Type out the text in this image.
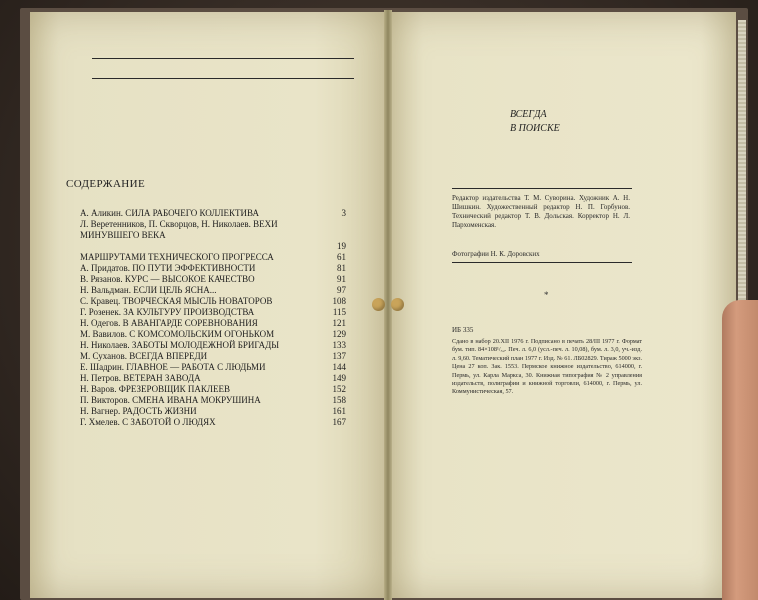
СОДЕРЖАНИЕ
А. Аликин. СИЛА РАБОЧЕГО КОЛЛЕКТИВА	3
Л. Веретенников, П. Скворцов, Н. Николаев. ВЕХИ МИНУВШЕГО ВЕКА
19
МАРШРУТАМИ ТЕХНИЧЕСКОГО ПРОГРЕССА	61
А. Придатов. ПО ПУТИ ЭФФЕКТИВНОСТИ	81
В. Рязанов. КУРС — ВЫСОКОЕ КАЧЕСТВО	91
Н. Вальдман. ЕСЛИ ЦЕЛЬ ЯСНА...	97
С. Кравец. ТВОРЧЕСКАЯ МЫСЛЬ НОВАТОРОВ	108
Г. Розенек. ЗА КУЛЬТУРУ ПРОИЗВОДСТВА	115
Н. Одегов. В АВАНГАРДЕ СОРЕВНОВАНИЯ	121
М. Вавилов. С КОМСОМОЛЬСКИМ ОГОНЬКОМ	129
Н. Николаев. ЗАБОТЫ МОЛОДЕЖНОЙ БРИГАДЫ	133
М. Суханов. ВСЕГДА ВПЕРЕДИ	137
Е. Шадрин. ГЛАВНОЕ — РАБОТА С ЛЮДЬМИ	144
Н. Петров. ВЕТЕРАН ЗАВОДА	149
Н. Варов. ФРЕЗЕРОВЩИК ПАКЛЕЕВ	152
П. Викторов. СМЕНА ИВАНА МОКРУШИНА	158
Н. Вагнер. РАДОСТЬ ЖИЗНИ	161
Г. Хмелев. С ЗАБОТОЙ О ЛЮДЯХ	167
ВСЕГДА
В ПОИСКЕ
Редактор издательства Т. М. Суворина. Художник А. Н. Шишкин. Художественный редактор Н. П. Горбунов. Технический редактор Т. В. Дольская. Корректор Н. Л. Пархоменская.
Фотографии Н. К. Доровских
*
ИБ 335
Сдано в набор 20.XII 1976 г. Подписано в печать 28/III 1977 г. Формат бум. тип. 84×108¹/₃₂. Печ. л. 6,0 (усл.-печ. л. 10,08), бум. л. 3,0, уч.-изд. л. 9,60. Тематический план 1977 г. Изд. № 61. ЛБ02829. Тираж 5000 экз. Цена 27 коп. Зак. 1553. Пермское книжное издательство, 614000, г. Пермь, ул. Карла Маркса, 30. Книжная типография № 2 управления издательств, полиграфии и книжной торговли, 614000, г. Пермь, ул. Коммунистическая, 57.
